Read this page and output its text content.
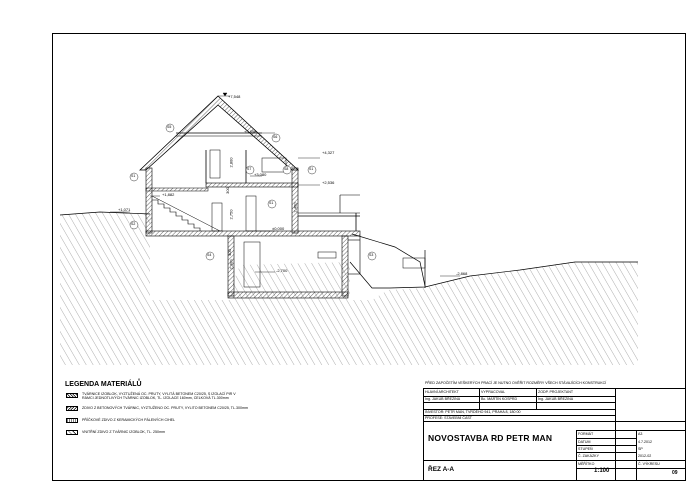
+7,548
+5,858
+4,327
+3,080
+2,536
+1,882
+1,071
±0,000
-2,700
-2,868
2,800
2,750
400
2,300
300
2,400
S5
S6
S1
S1
S1
S2
S7	S8
S3
S4
LEGENDA MATERIÁLŮ
TVÁRNICE IZOBLOK, VYZTUŽENÁ OC. PRUTY, VYLITÁ BETONEM C20/25, S IZOLACÍ PIR V
RÁMCI JEDNOTLIVÝCH TVÁRNIC IZOBLOK, TL. IZOLACE 160mm, CELKOVÁ TL.300mm
ZDIVO Z BETONOVÝCH TVÁRNIC, VYZTUŽENO OC. PRUTY, VYLITO BETONEM C20/25, TL.300mm
PŘÍČKOVÉ ZDIVO Z KERAMICKÝCH PÁLENÝCH CIHEL
VNITŘNÍ ZDIVO Z TVÁRNIC IZOBLOK, TL. 250mm
PŘED ZAPOČETÍM VEŠKERÝCH PRACÍ JE NUTNO OVĚŘIT ROZMĚRY VŠECH STÁVAJÍCÍCH KONSTRUKCÍ
HLAVNÍ ARCHITEKT
Ing. JAKUB BŘEZINA
VYPRACOVAL
Bc. MARTIN KOSPRD
ZODP. PROJEKTANT
Ing. JAKUB BŘEZINA
INVESTOR: PETR MAN, TVRDÉHO 941, PRAHA 8, 180 00
PROFESE: STAVEBNÍ ČÁST
NOVOSTAVBA RD PETR MAN
ŘEZ A-A
FORMÁT	A3
DATUM	4.7.2012
STUPEŇ	SP
Č. ZAKÁZKY	2012-02
MĚŘÍTKO
1:100
Č. VÝKRESU
09
